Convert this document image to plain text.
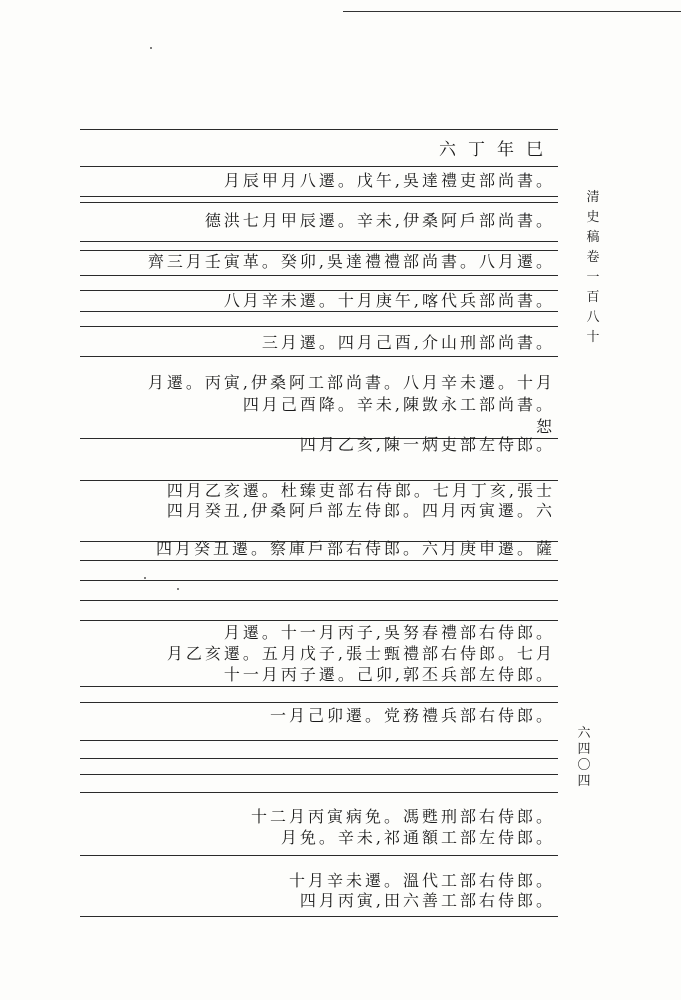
六丁年巳
月辰甲月八遷。戊午,吳達禮吏部尚書。
德洪七月甲辰遷。辛未,伊桑阿戶部尚書。
齊三月壬寅革。癸卯,吳達禮禮部尚書。八月遷。
八月辛未遷。十月庚午,喀代兵部尚書。
三月遷。四月己酉,介山刑部尚書。
月遷。丙寅,伊桑阿工部尚書。八月辛未遷。十月
四月己酉降。辛未,陳敳永工部尚書。
恕
四月乙亥,陳一炳吏部左侍郎。
四月乙亥遷。杜臻吏部右侍郎。七月丁亥,張士
四月癸丑,伊桑阿戶部左侍郎。四月丙寅遷。六
四月癸丑遷。察庫戶部右侍郎。六月庚申遷。薩
月遷。十一月丙子,吳努春禮部右侍郎。
月乙亥遷。五月戊子,張士甄禮部右侍郎。七月
十一月丙子遷。己卯,郭丕兵部左侍郎。
一月己卯遷。党務禮兵部右侍郎。
十二月丙寅病免。馮甦刑部右侍郎。
月免。辛未,祁通額工部左侍郎。
十月辛未遷。溫代工部右侍郎。
四月丙寅,田六善工部右侍郎。
清史稿卷一百八十
六四〇四
